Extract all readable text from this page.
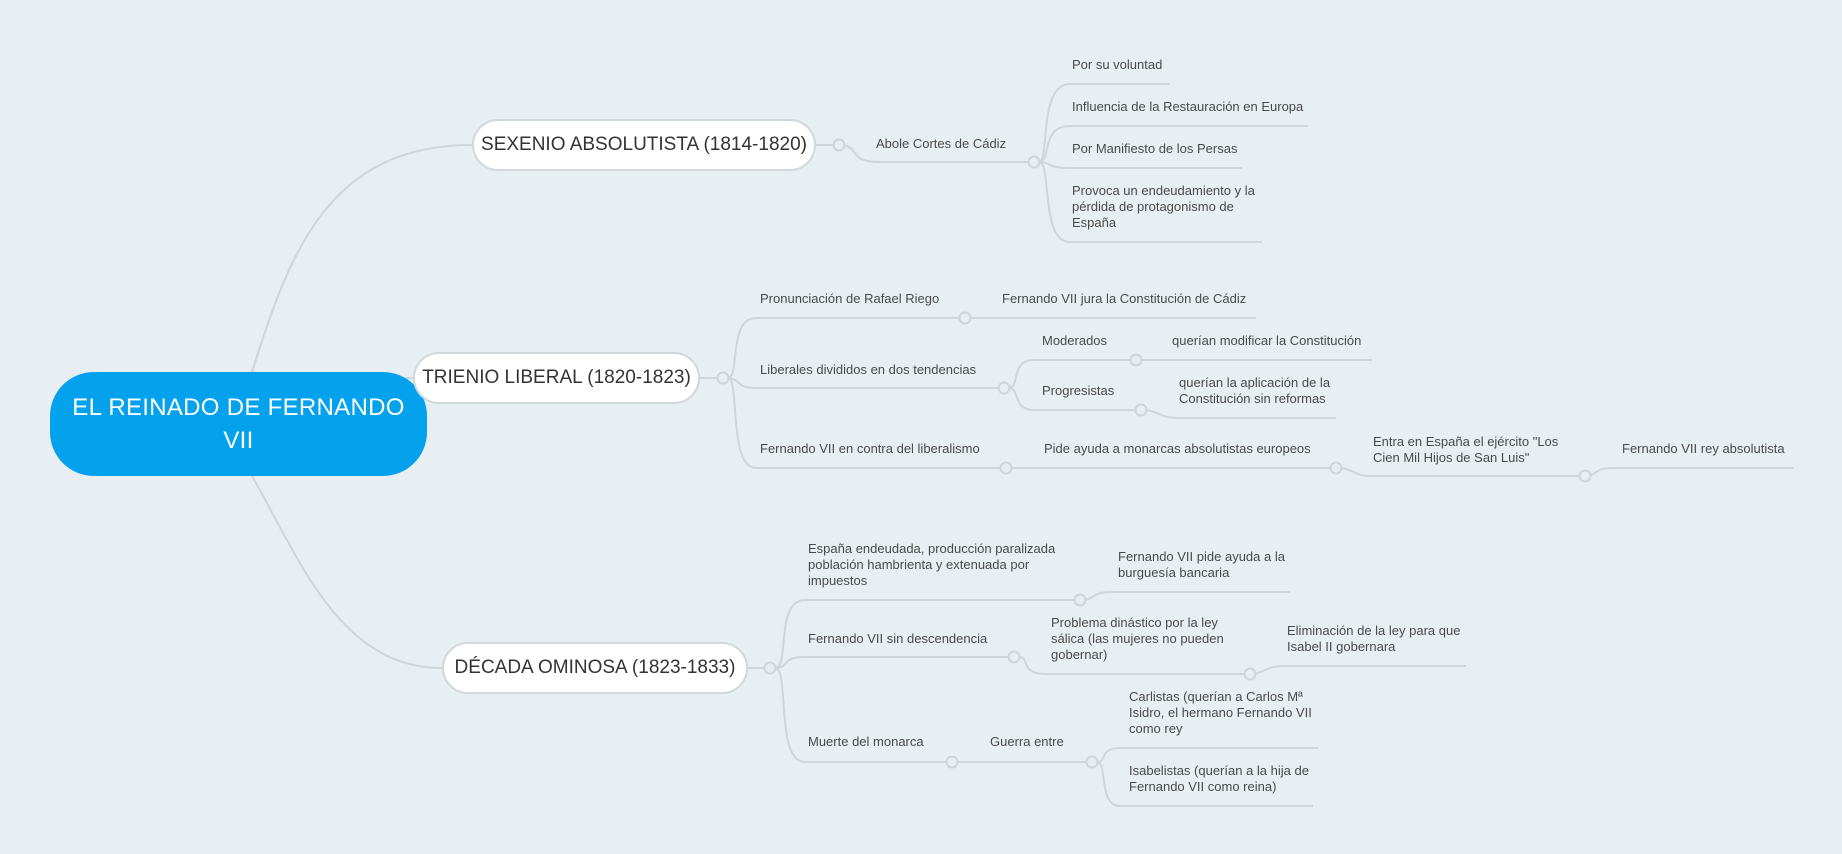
EL REINADO DE FERNANDO VII
SEXENIO ABSOLUTISTA (1814-1820)
TRIENIO LIBERAL (1820-1823)
DÉCADA OMINOSA (1823-1833)
Abole Cortes de Cádiz
Por su voluntad
Influencia de la Restauración en Europa
Por Manifiesto de los Persas
Provoca un endeudamiento y la
pérdida de protagonismo de
España
Pronunciación de Rafael Riego	Fernando VII jura la Constitución de Cádiz
Liberales divididos en dos tendencias
Moderados	querían modificar la Constitución
Progresistas
querían la aplicación de la
Constitución sin reformas
Fernando VII en contra del liberalismo	Pide ayuda a monarcas absolutistas europeos	Entra en España el ejército "Los
Cien Mil Hijos de San Luis"
Fernando VII rey absolutista
España endeudada, producción paralizada
población hambrienta y extenuada por
impuestos
Fernando VII pide ayuda a la
burguesía bancaria
Fernando VII sin descendencia
Problema dinástico por la ley
sálica (las mujeres no pueden
gobernar)
Eliminación de la ley para que
Isabel II gobernara
Muerte del monarca	Guerra entre
Carlistas (querían a Carlos Mª
Isidro, el hermano Fernando VII
como rey
Isabelistas (querían a la hija de
Fernando VII como reina)
